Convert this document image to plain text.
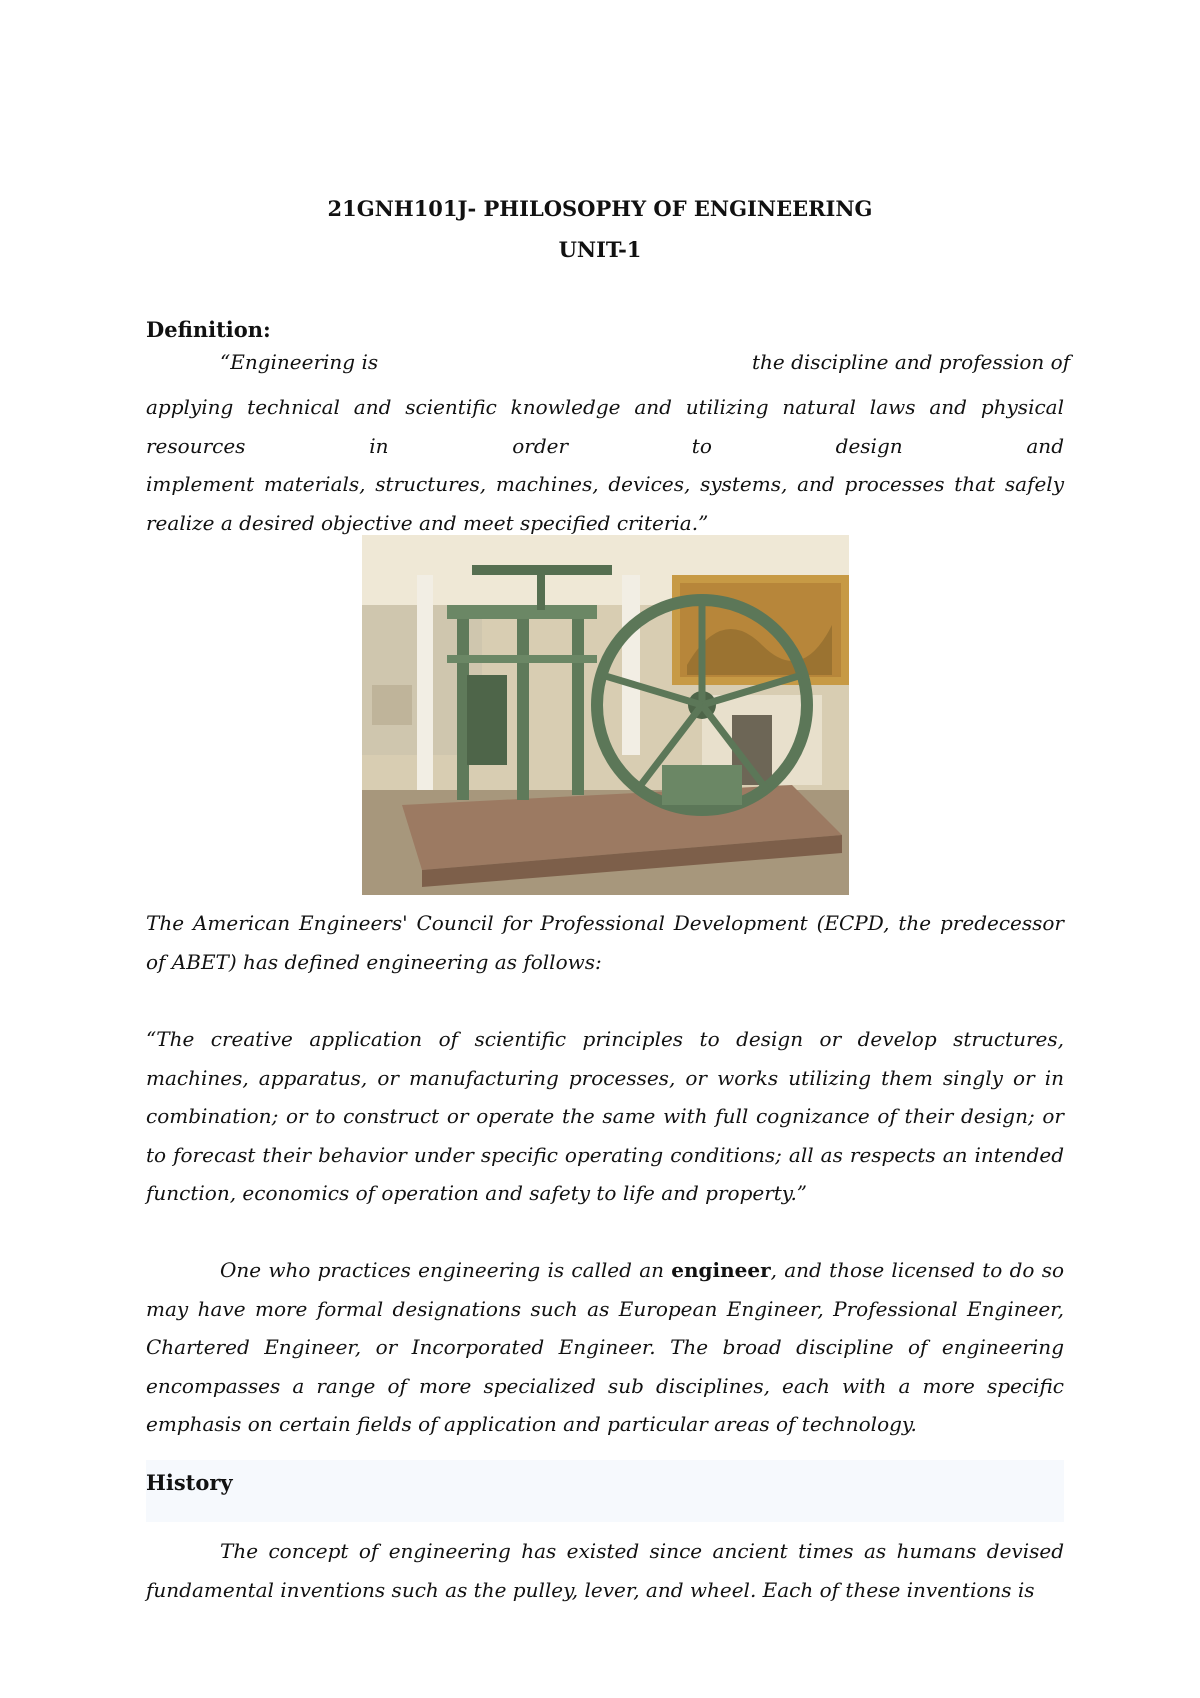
21GNH101J- PHILOSOPHY OF ENGINEERING
UNIT-1
Definition:
“Engineering is	the discipline and profession of
applying technical and scientific knowledge and utilizing natural laws and physical
resources in order to design and
implement materials, structures, machines, devices, systems, and processes that safely
realize a desired objective and meet specified criteria.”
The American Engineers' Council for Professional Development (ECPD, the predecessor of ABET) has defined engineering as follows:
“The creative application of scientific principles to design or develop structures, machines, apparatus, or manufacturing processes, or works utilizing them singly or in combination; or to construct or operate the same with full cognizance of their design; or to forecast their behavior under specific operating conditions; all as respects an intended function, economics of operation and safety to life and property.”
One who practices engineering is called an engineer, and those licensed to do so may have more formal designations such as European Engineer, Professional Engineer, Chartered Engineer, or Incorporated Engineer. The broad discipline of engineering encompasses a range of more specialized sub disciplines, each with a more specific emphasis on certain fields of application and particular areas of technology.
History
The concept of engineering has existed since ancient times as humans devised fundamental inventions such as the pulley, lever, and wheel. Each of these inventions is
